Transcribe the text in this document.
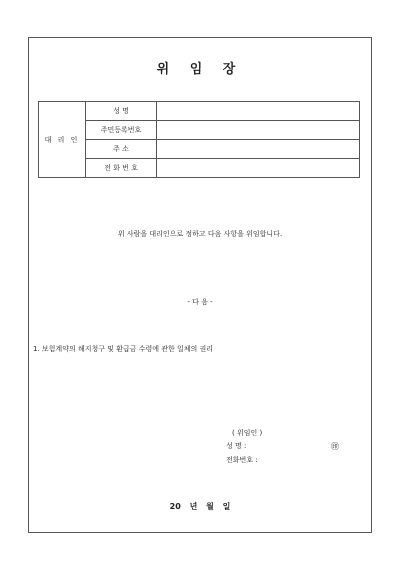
위 임 장
대 리 인	성 명	
	주민등록번호	
	주 소	
	전 화 번 호	
위 사람을 대리인으로 정하고 다음 사항을 위임합니다.
- 다 음 -
1. 보험계약의 해지청구 및 환급금 수령에 관한 일체의 권리
( 위임인 )
성 명 :	㊞
전화번호 :
20 년 월 일
